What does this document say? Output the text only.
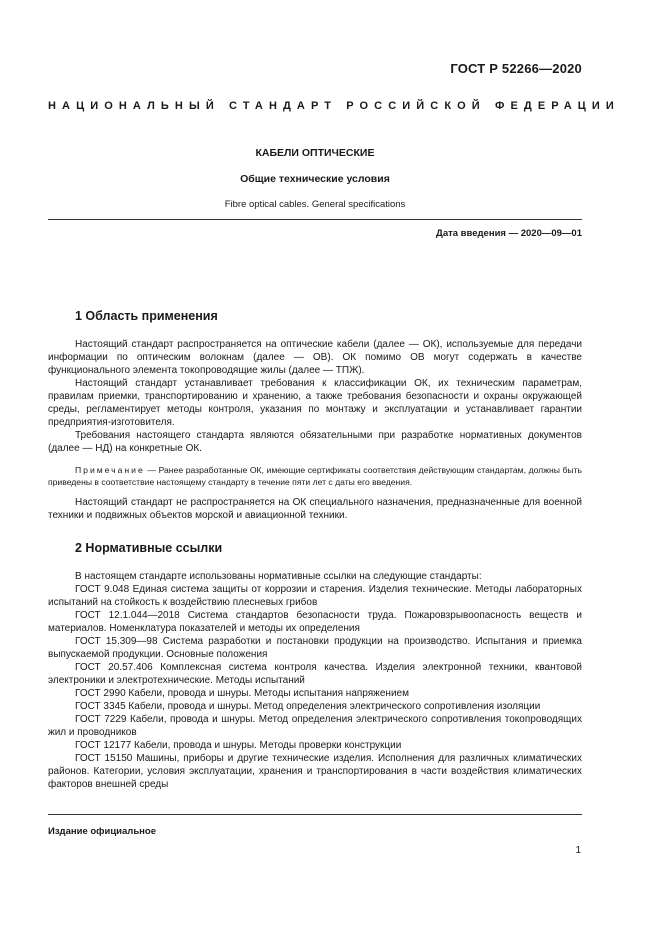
ГОСТ Р 52266—2020
НАЦИОНАЛЬНЫЙ СТАНДАРТ РОССИЙСКОЙ ФЕДЕРАЦИИ
КАБЕЛИ ОПТИЧЕСКИЕ
Общие технические условия
Fibre optical cables. General specifications
Дата введения — 2020—09—01
1 Область применения

Настоящий стандарт распространяется на оптические кабели (далее — ОК), используемые для передачи информации по оптическим волокнам (далее — ОВ). ОК помимо ОВ могут содержать в качестве функционального элемента токопроводящие жилы (далее — ТПЖ).

Настоящий стандарт устанавливает требования к классификации ОК, их техническим параметрам, правилам приемки, транспортированию и хранению, а также требования безопасности и охраны окружающей среды, регламентирует методы контроля, указания по монтажу и эксплуатации и устанавливает гарантии предприятия-изготовителя.

Требования настоящего стандарта являются обязательными при разработке нормативных документов (далее — НД) на конкретные ОК.

Примечание — Ранее разработанные ОК, имеющие сертификаты соответствия действующим стандартам, должны быть приведены в соответствие настоящему стандарту в течение пяти лет с даты его введения.

Настоящий стандарт не распространяется на ОК специального назначения, предназначенные для военной техники и подвижных объектов морской и авиационной техники.

2 Нормативные ссылки

В настоящем стандарте использованы нормативные ссылки на следующие стандарты:

ГОСТ 9.048 Единая система защиты от коррозии и старения. Изделия технические. Методы лабораторных испытаний на стойкость к воздействию плесневых грибов

ГОСТ 12.1.044—2018 Система стандартов безопасности труда. Пожаровзрывоопасность веществ и материалов. Номенклатура показателей и методы их определения

ГОСТ 15.309—98 Система разработки и постановки продукции на производство. Испытания и приемка выпускаемой продукции. Основные положения

ГОСТ 20.57.406 Комплексная система контроля качества. Изделия электронной техники, квантовой электроники и электротехнические. Методы испытаний

ГОСТ 2990 Кабели, провода и шнуры. Методы испытания напряжением

ГОСТ 3345 Кабели, провода и шнуры. Метод определения электрического сопротивления изоляции

ГОСТ 7229 Кабели, провода и шнуры. Метод определения электрического сопротивления токопроводящих жил и проводников

ГОСТ 12177 Кабели, провода и шнуры. Методы проверки конструкции

ГОСТ 15150 Машины, приборы и другие технические изделия. Исполнения для различных климатических районов. Категории, условия эксплуатации, хранения и транспортирования в части воздействия климатических факторов внешней среды

Издание официальное
1
